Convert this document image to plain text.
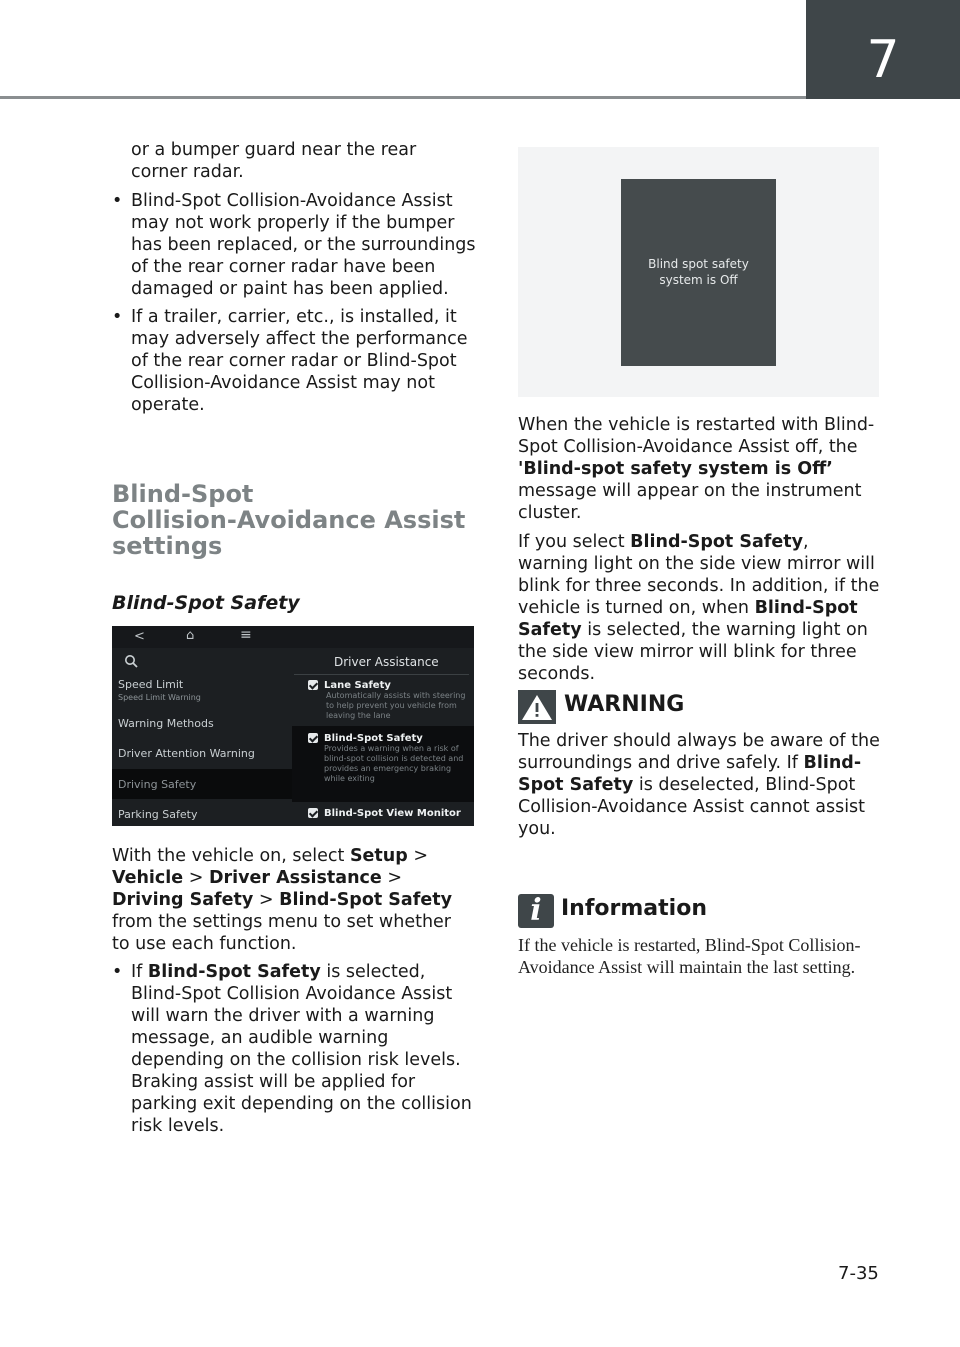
7

or a bumper guard near the rear corner radar.

• Blind-Spot Collision-Avoidance Assist may not work properly if the bumper has been replaced, or the surroundings of the rear corner radar have been damaged or paint has been applied.
• If a trailer, carrier, etc., is installed, it may adversely affect the performance of the rear corner radar or Blind-Spot Collision-Avoidance Assist may not operate.
Blind-Spot
Collision-Avoidance Assist
settings
Blind-Spot Safety
<	⌂	≡
Speed Limit
Speed Limit Warning
Warning Methods
Driver Attention Warning
Driving Safety
Parking Safety
Driver Assistance
Lane Safety
Automatically assists with steering to help prevent you vehicle from leaving the lane
Blind-Spot Safety
Provides a warning when a risk of blind-spot collision is detected and provides an emergency braking while exiting
Blind-Spot View Monitor

With the vehicle on, select Setup > Vehicle > Driver Assistance > Driving Safety > Blind-Spot Safety from the settings menu to set whether to use each function.

• If Blind-Spot Safety is selected, Blind-Spot Collision Avoidance Assist will warn the driver with a warning message, an audible warning depending on the collision risk levels. Braking assist will be applied for parking exit depending on the collision risk levels.
Blind spot safety
system is Off

When the vehicle is restarted with Blind-Spot Collision-Avoidance Assist off, the 'Blind-spot safety system is Off’ message will appear on the instrument cluster.

If you select Blind-Spot Safety, warning light on the side view mirror will blink for three seconds. In addition, if the vehicle is turned on, when Blind-Spot Safety is selected, the warning light on the side view mirror will blink for three seconds.

WARNING

The driver should always be aware of the surroundings and drive safely. If Blind-Spot Safety is deselected, Blind-Spot Collision-Avoidance Assist cannot assist you.

i Information

If the vehicle is restarted, Blind-Spot Collision-Avoidance Assist will maintain the last setting.

7-35
